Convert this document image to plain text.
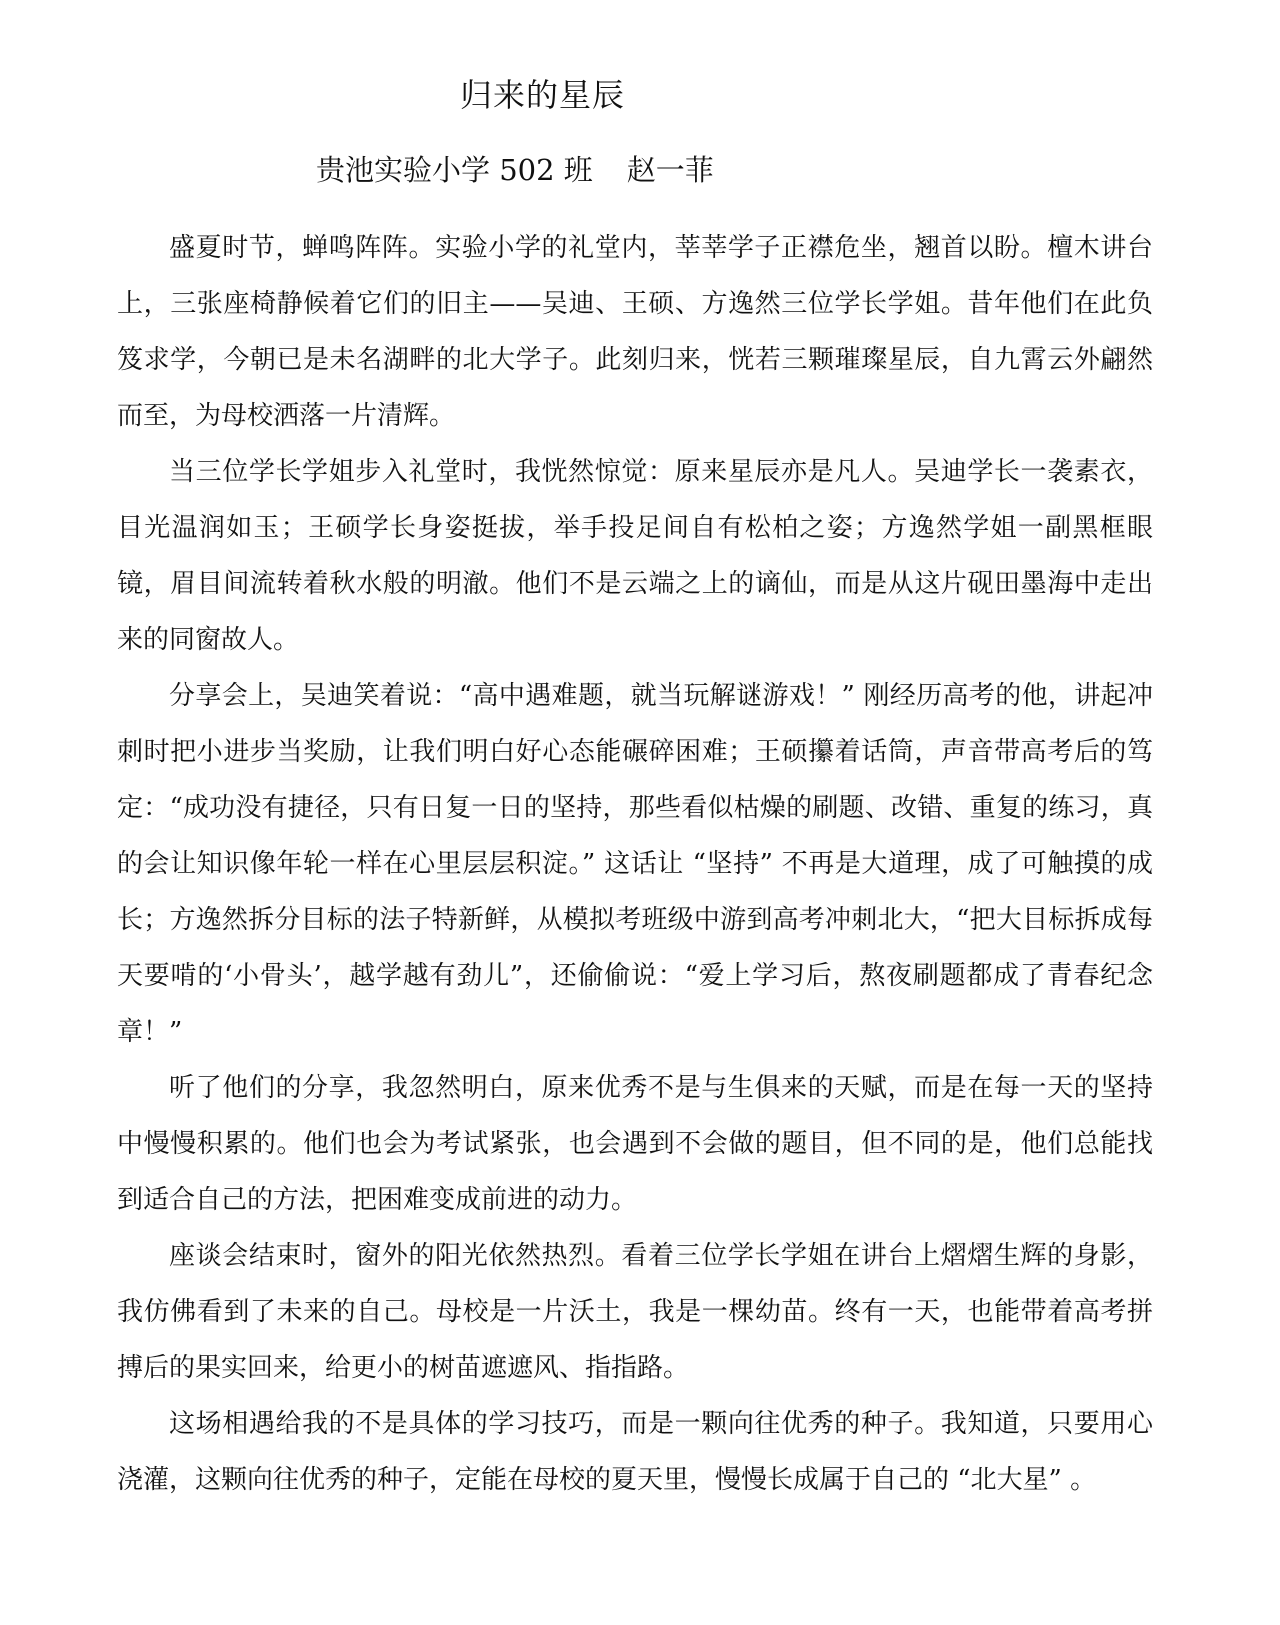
归来的星辰
贵池实验小学 502 班 赵一菲

盛夏时节，蝉鸣阵阵。实验小学的礼堂内，莘莘学子正襟危坐，翘首以盼。檀木讲台上，三张座椅静候着它们的旧主——吴迪、王硕、方逸然三位学长学姐。昔年他们在此负笈求学，今朝已是未名湖畔的北大学子。此刻归来，恍若三颗璀璨星辰，自九霄云外翩然而至，为母校洒落一片清辉。

当三位学长学姐步入礼堂时，我恍然惊觉：原来星辰亦是凡人。吴迪学长一袭素衣，目光温润如玉；王硕学长身姿挺拔，举手投足间自有松柏之姿；方逸然学姐一副黑框眼镜，眉目间流转着秋水般的明澈。他们不是云端之上的谪仙，而是从这片砚田墨海中走出来的同窗故人。

分享会上，吴迪笑着说：“高中遇难题，就当玩解谜游戏！” 刚经历高考的他，讲起冲刺时把小进步当奖励，让我们明白好心态能碾碎困难；王硕攥着话筒，声音带高考后的笃定：“成功没有捷径，只有日复一日的坚持，那些看似枯燥的刷题、改错、重复的练习，真的会让知识像年轮一样在心里层层积淀。” 这话让 “坚持” 不再是大道理，成了可触摸的成长；方逸然拆分目标的法子特新鲜，从模拟考班级中游到高考冲刺北大，“把大目标拆成每天要啃的‘小骨头’，越学越有劲儿”，还偷偷说：“爱上学习后，熬夜刷题都成了青春纪念章！”

听了他们的分享，我忽然明白，原来优秀不是与生俱来的天赋，而是在每一天的坚持中慢慢积累的。他们也会为考试紧张，也会遇到不会做的题目，但不同的是，他们总能找到适合自己的方法，把困难变成前进的动力。

座谈会结束时，窗外的阳光依然热烈。看着三位学长学姐在讲台上熠熠生辉的身影，我仿佛看到了未来的自己。母校是一片沃土，我是一棵幼苗。终有一天，也能带着高考拼搏后的果实回来，给更小的树苗遮遮风、指指路。

这场相遇给我的不是具体的学习技巧，而是一颗向往优秀的种子。我知道，只要用心浇灌，这颗向往优秀的种子，定能在母校的夏天里，慢慢长成属于自己的 “北大星” 。
